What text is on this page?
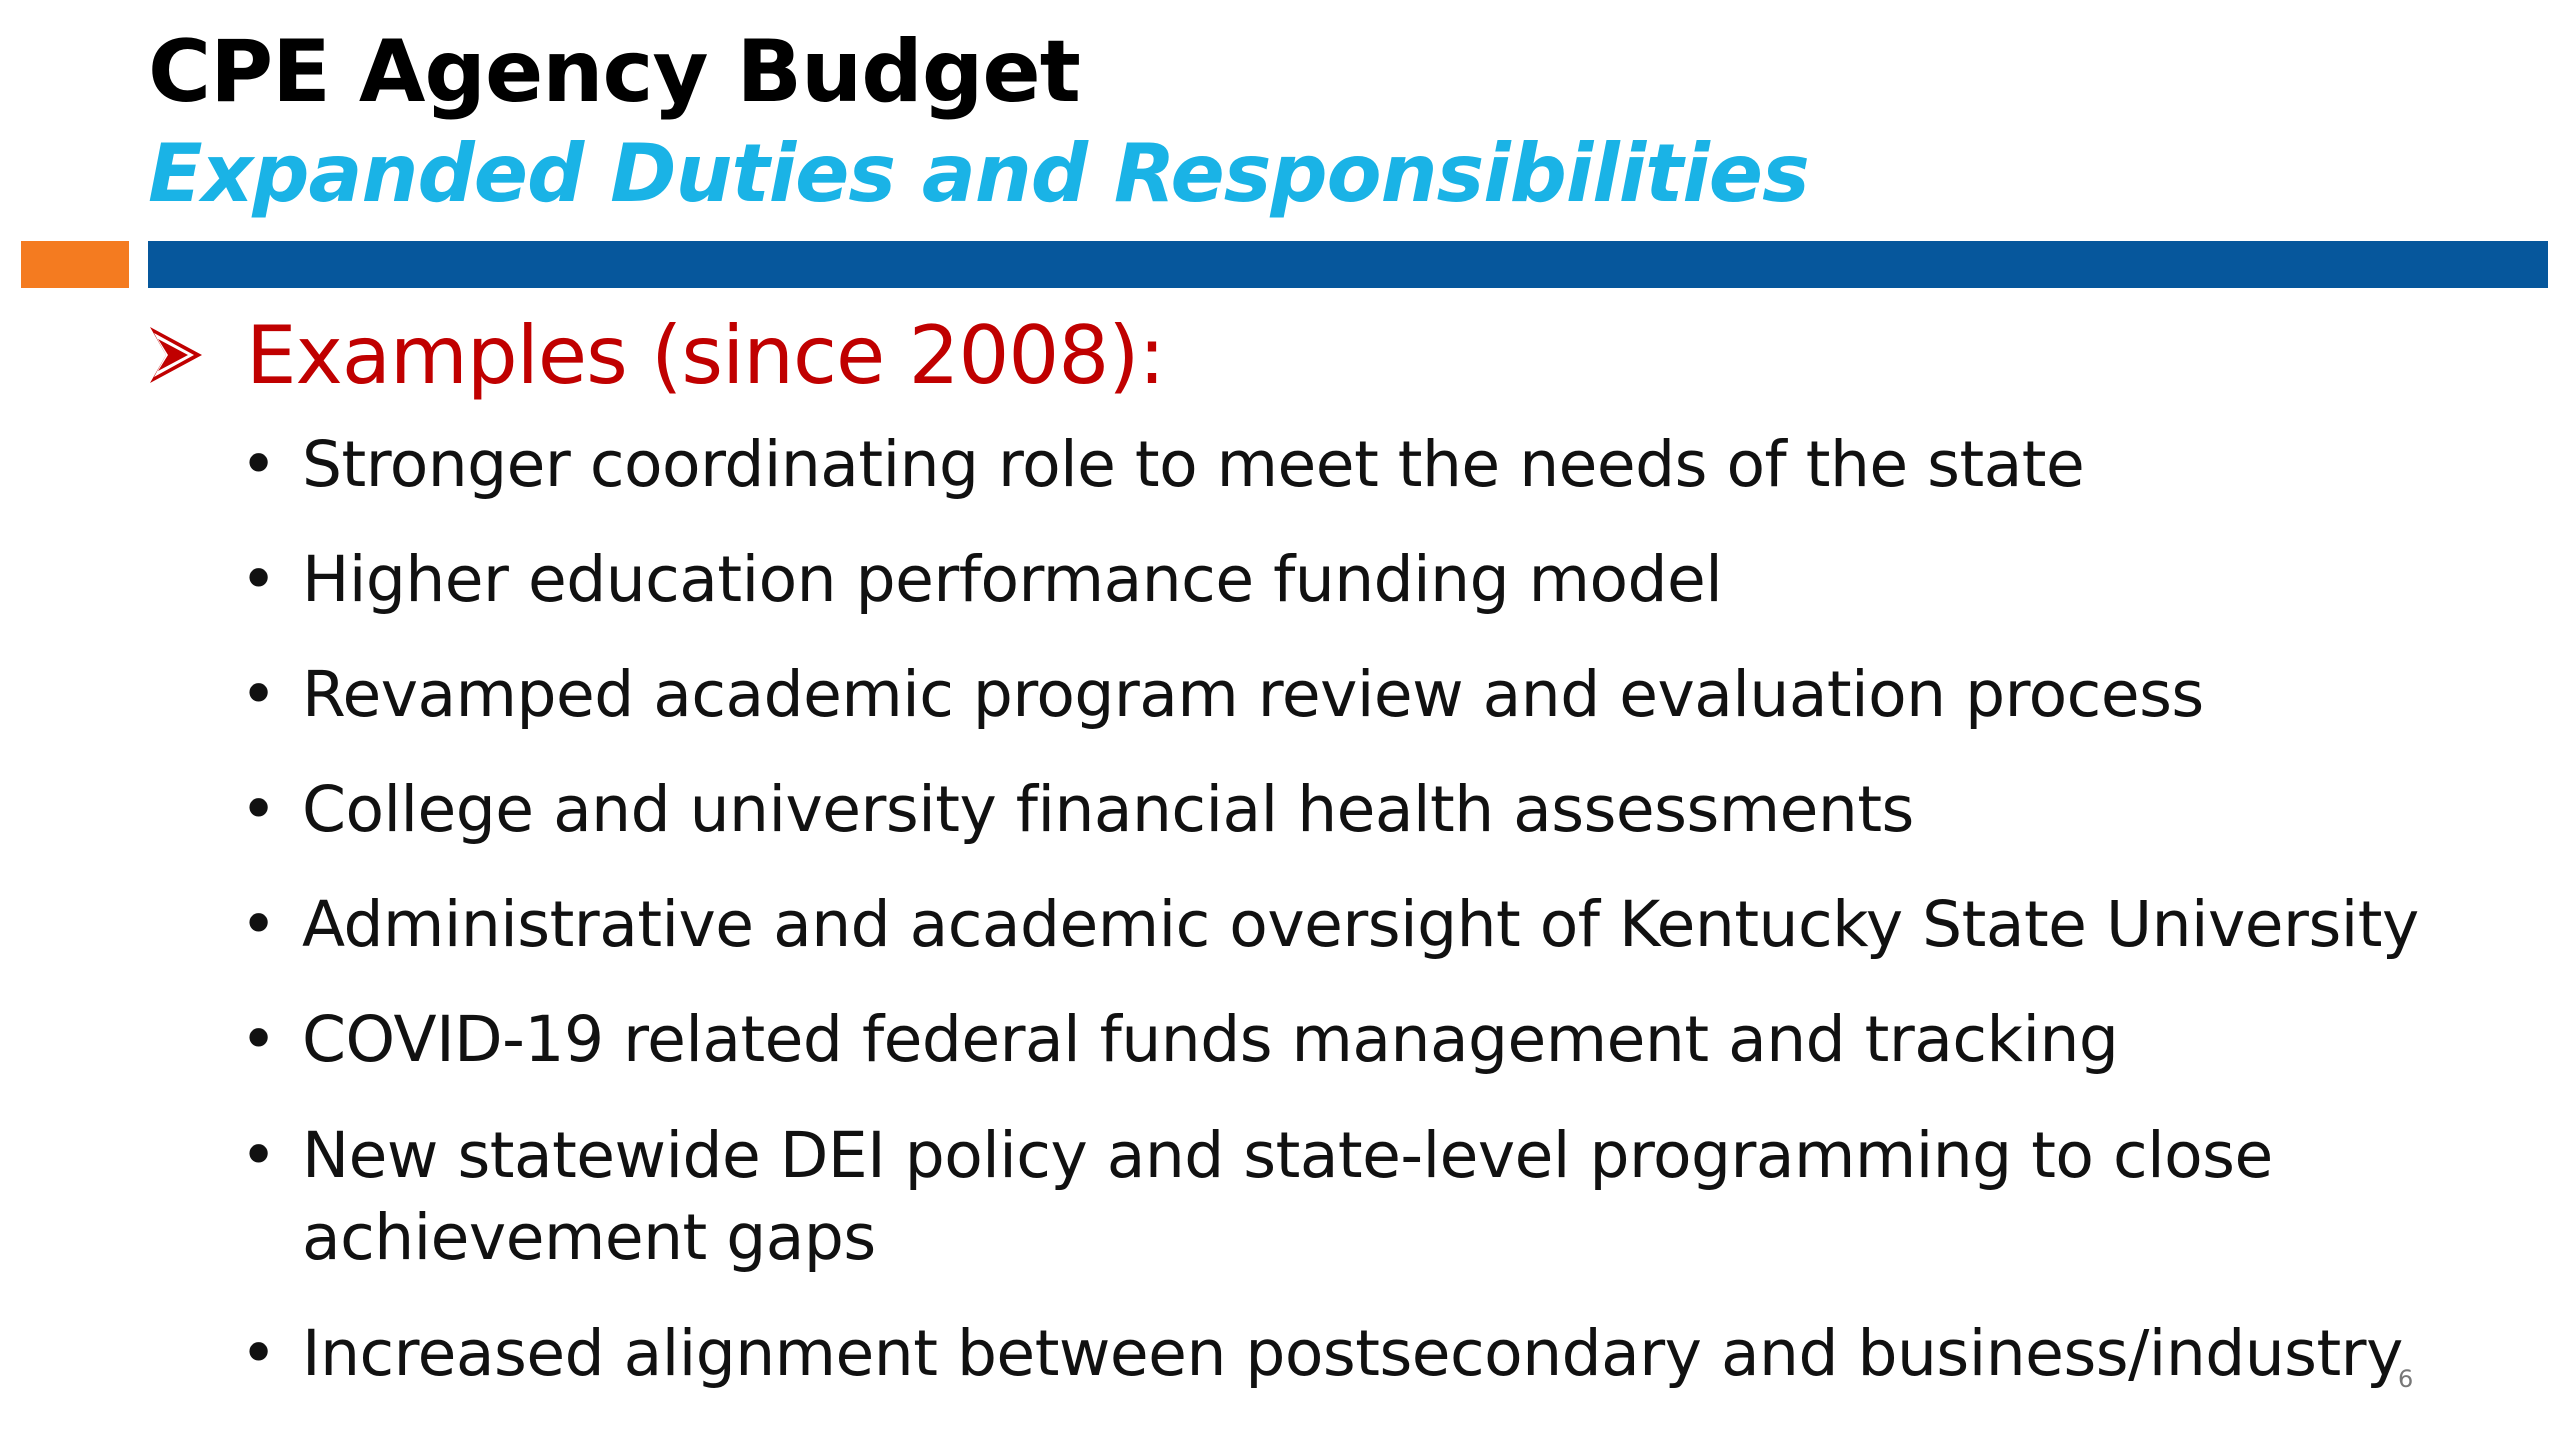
CPE Agency Budget
Expanded Duties and Responsibilities
Examples (since 2008):
• Stronger coordinating role to meet the needs of the state
• Higher education performance funding model
• Revamped academic program review and evaluation process
• College and university financial health assessments
• Administrative and academic oversight of Kentucky State University
• COVID-19 related federal funds management and tracking
• New statewide DEI policy and state-level programming to close achievement gaps
• Increased alignment between postsecondary and business/industry
6
